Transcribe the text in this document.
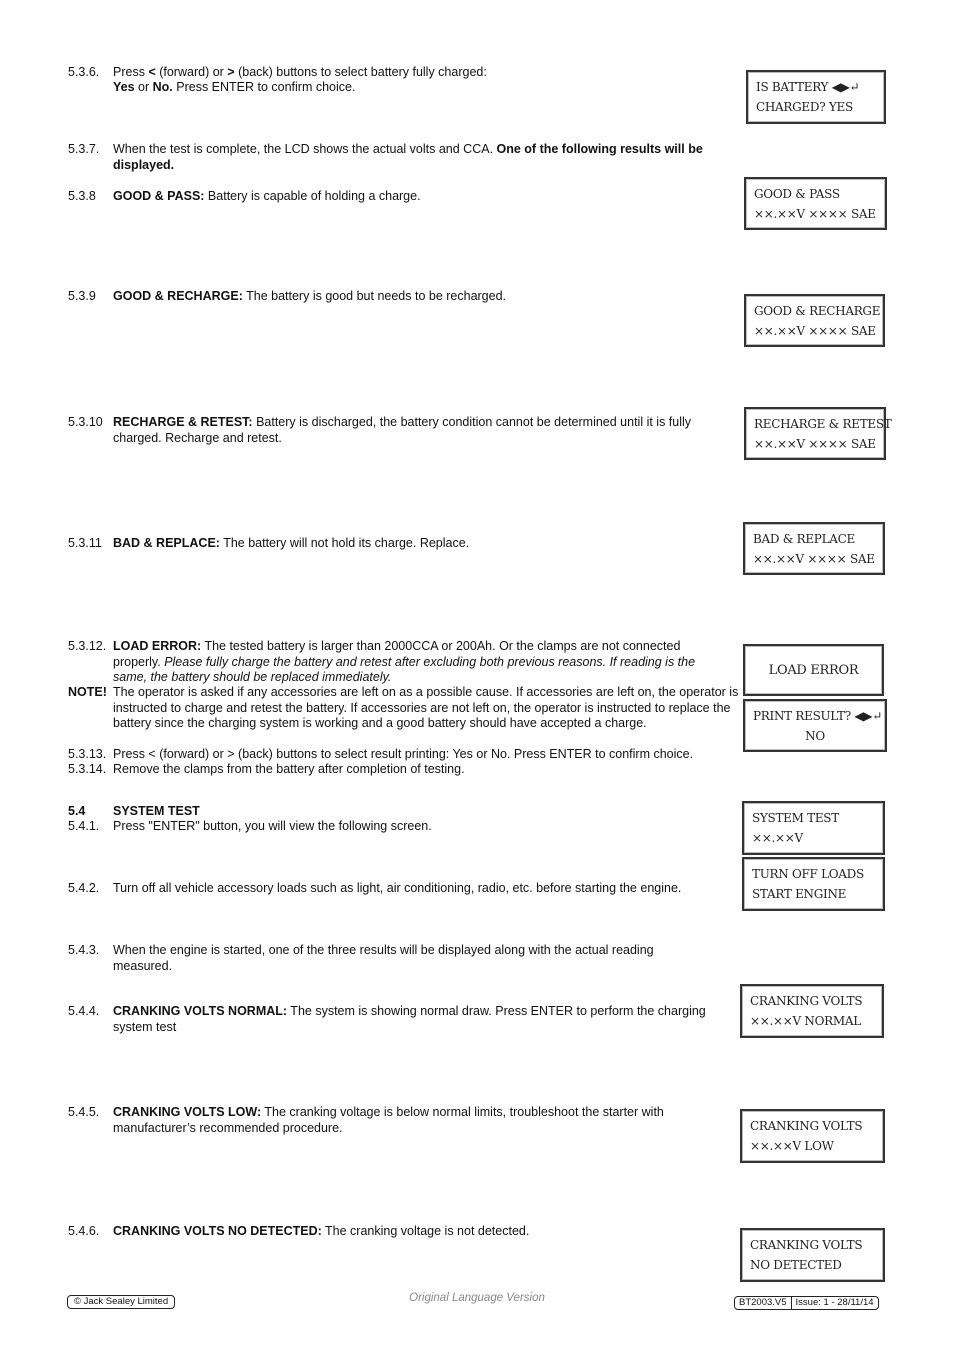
5.3.6. Press < (forward) or > (back) buttons to select battery fully charged:
Yes or No. Press ENTER to confirm choice.
5.3.7. When the test is complete, the LCD shows the actual volts and CCA. One of the following results will be displayed.
5.3.8 GOOD & PASS: Battery is capable of holding a charge.
5.3.9 GOOD & RECHARGE: The battery is good but needs to be recharged.
5.3.10 RECHARGE & RETEST: Battery is discharged, the battery condition cannot be determined until it is fully charged. Recharge and retest.
5.3.11 BAD & REPLACE: The battery will not hold its charge. Replace.
5.3.12. LOAD ERROR: The tested battery is larger than 2000CCA or 200Ah. Or the clamps are not connected properly. Please fully charge the battery and retest after excluding both previous reasons. If reading is the same, the battery should be replaced immediately.
NOTE! The operator is asked if any accessories are left on as a possible cause. If accessories are left on, the operator is instructed to charge and retest the battery. If accessories are not left on, the operator is instructed to replace the battery since the charging system is working and a good battery should have accepted a charge.
5.3.13. Press < (forward) or > (back) buttons to select result printing: Yes or No. Press ENTER to confirm choice.
5.3.14. Remove the clamps from the battery after completion of testing.
5.4 SYSTEM TEST
5.4.1. Press "ENTER" button, you will view the following screen.
5.4.2. Turn off all vehicle accessory loads such as light, air conditioning, radio, etc. before starting the engine.
5.4.3. When the engine is started, one of the three results will be displayed along with the actual reading measured.
5.4.4. CRANKING VOLTS NORMAL: The system is showing normal draw. Press ENTER to perform the charging system test
5.4.5. CRANKING VOLTS LOW: The cranking voltage is below normal limits, troubleshoot the starter with manufacturer’s recommended procedure.
5.4.6. CRANKING VOLTS NO DETECTED: The cranking voltage is not detected.
IS BATTERY ◀▶↵
CHARGED? YES
GOOD & PASS
××.××V ×××× SAE
GOOD & RECHARGE
××.××V ×××× SAE
RECHARGE & RETEST
××.××V ×××× SAE
BAD & REPLACE
××.××V ×××× SAE
LOAD ERROR
PRINT RESULT? ◀▶↵
NO
SYSTEM TEST
××.××V
TURN OFF LOADS
START ENGINE
CRANKING VOLTS
××.××V NORMAL
CRANKING VOLTS
××.××V LOW
CRANKING VOLTS
NO DETECTED
© Jack Sealey Limited	Original Language Version	BT2003.V5 Issue: 1 - 28/11/14
